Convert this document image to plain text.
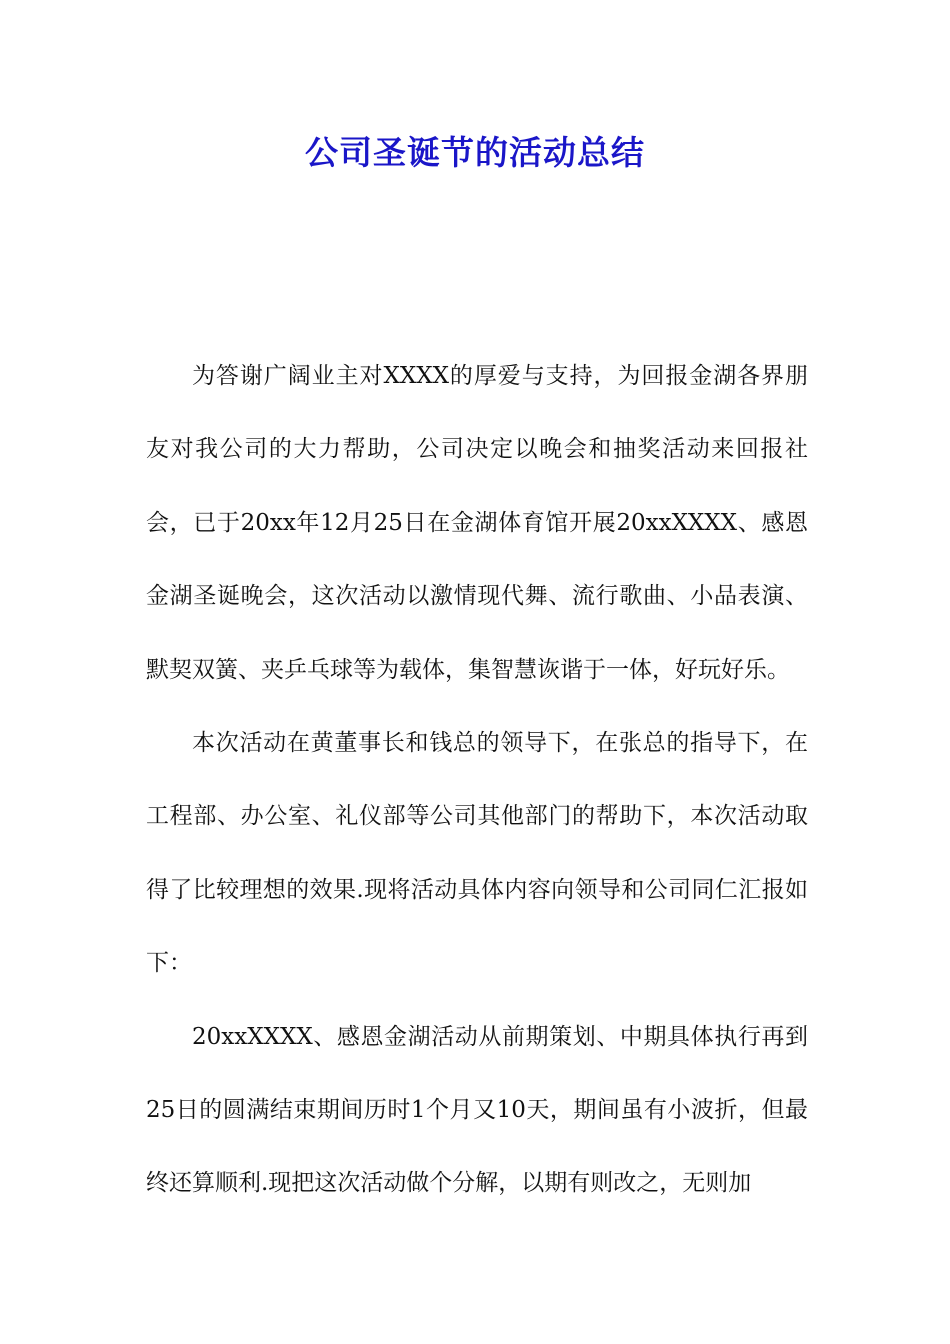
公司圣诞节的活动总结

为答谢广阔业主对XXXX的厚爱与支持，为回报金湖各界朋友对我公司的大力帮助，公司决定以晚会和抽奖活动来回报社会，已于20xx年12月25日在金湖体育馆开展20xxXXXX、感恩金湖圣诞晚会，这次活动以激情现代舞、流行歌曲、小品表演、默契双簧、夹乒乓球等为载体，集智慧诙谐于一体，好玩好乐。

本次活动在黄董事长和钱总的领导下，在张总的指导下，在工程部、办公室、礼仪部等公司其他部门的帮助下，本次活动取得了比较理想的效果.现将活动具体内容向领导和公司同仁汇报如下：

20xxXXXX、感恩金湖活动从前期策划、中期具体执行再到25日的圆满结束期间历时1个月又10天，期间虽有小波折，但最终还算顺利.现把这次活动做个分解，以期有则改之，无则加
